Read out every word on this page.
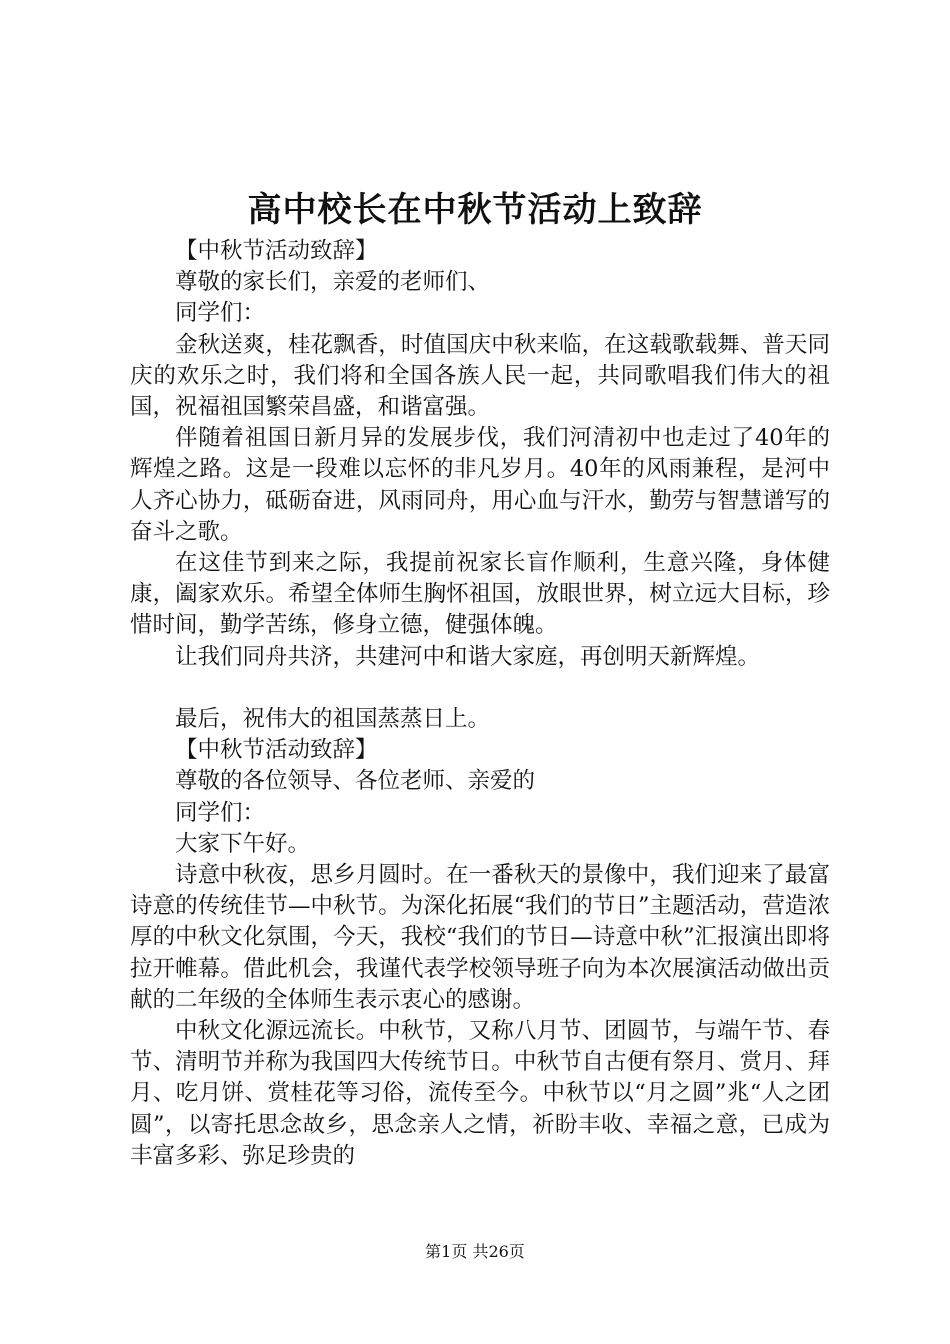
高中校长在中秋节活动上致辞

【中秋节活动致辞】

尊敬的家长们，亲爱的老师们、

同学们：

金秋送爽，桂花飘香，时值国庆中秋来临，在这载歌载舞、普天同庆的欢乐之时，我们将和全国各族人民一起，共同歌唱我们伟大的祖国，祝福祖国繁荣昌盛，和谐富强。

伴随着祖国日新月异的发展步伐，我们河清初中也走过了40年的辉煌之路。这是一段难以忘怀的非凡岁月。40年的风雨兼程，是河中人齐心协力，砥砺奋进，风雨同舟，用心血与汗水，勤劳与智慧谱写的奋斗之歌。

在这佳节到来之际，我提前祝家长盲作顺利，生意兴隆，身体健康，阖家欢乐。希望全体师生胸怀祖国，放眼世界，树立远大目标，珍惜时间，勤学苦练，修身立德，健强体魄。

让我们同舟共济，共建河中和谐大家庭，再创明天新辉煌。

最后，祝伟大的祖国蒸蒸日上。

【中秋节活动致辞】

尊敬的各位领导、各位老师、亲爱的

同学们：

大家下午好。

诗意中秋夜，思乡月圆时。在一番秋天的景像中，我们迎来了最富诗意的传统佳节—中秋节。为深化拓展“我们的节日”主题活动，营造浓厚的中秋文化氛围，今天，我校“我们的节日—诗意中秋”汇报演出即将拉开帷幕。借此机会，我谨代表学校领导班子向为本次展演活动做出贡献的二年级的全体师生表示衷心的感谢。

中秋文化源远流长。中秋节，又称八月节、团圆节，与端午节、春节、清明节并称为我国四大传统节日。中秋节自古便有祭月、赏月、拜月、吃月饼、赏桂花等习俗，流传至今。中秋节以“月之圆”兆“人之团圆”，以寄托思念故乡，思念亲人之情，祈盼丰收、幸福之意，已成为丰富多彩、弥足珍贵的

第1页 共26页
